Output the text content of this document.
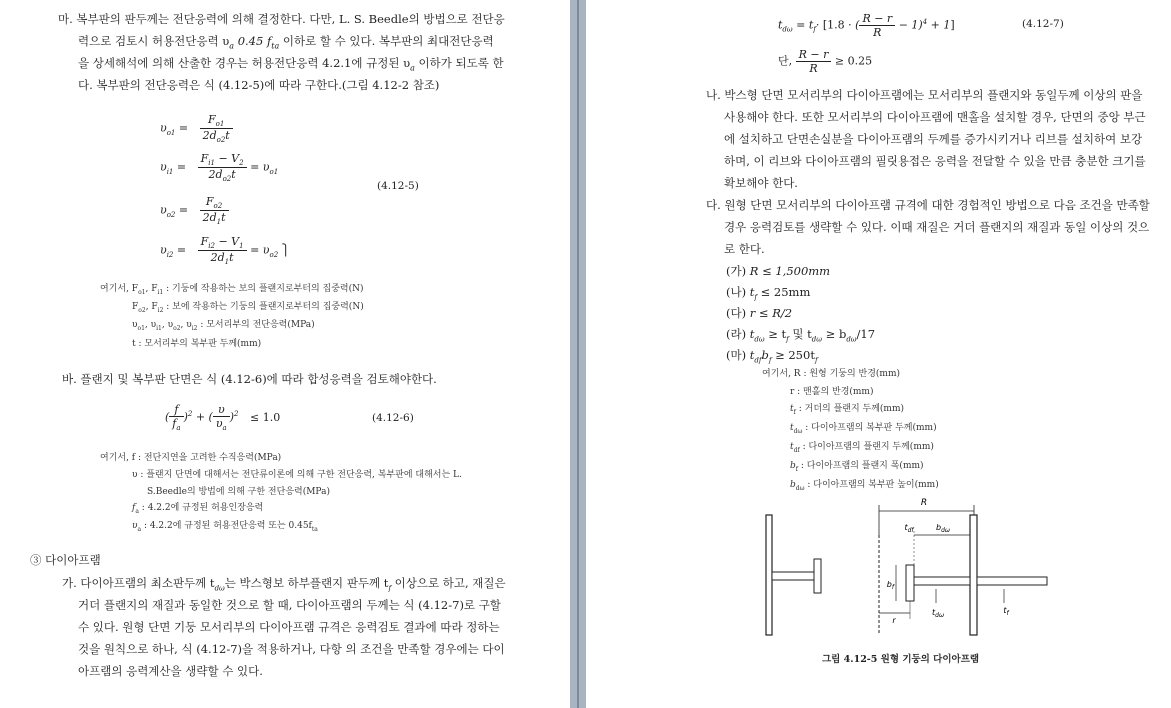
마. 복부판의 판두께는 전단응력에 의해 결정한다. 다만, L. S. Beedle의 방법으로 전단응
력으로 검토시 허용전단응력 $\upsilon_a$ 0.45 $f_{ta}$ 이하로 할 수 있다. 복부판의 최대전단응력
을 상세해석에 의해 산출한 경우는 허용전단응력 4.2.1에 규정된 $\upsilon_a$ 이하가 되도록 한
다. 복부판의 전단응력은 식 (4.12-5)에 따라 구한다.(그림 4.12-2 참조)
$\upsilon_{o1} = \frac{F_{o1}}{2d_{o2}t}$
$\upsilon_{i1} = \frac{F_{i1} - V_2}{2d_{o2}t} = \upsilon_{o1}$
$\upsilon_{o2} = \frac{F_{o2}}{2d_1t}$
$\upsilon_{i2} = \frac{F_{i2} - V_1}{2d_1t} = \upsilon_{o2}$ ⎫
(4.12-5)
여기서, $F_{o1}$, $F_{i1}$ : 기둥에 작용하는 보의 플랜지로부터의 집중력(N)
$F_{o2}$, $F_{i2}$ : 보에 작용하는 기둥의 플랜지로부터의 집중력(N)
$\upsilon_{o1}$, $\upsilon_{i1}$, $\upsilon_{o2}$, $\upsilon_{i2}$ : 모서리부의 전단응력(MPa)
t : 모서리부의 복부판 두께(mm)
바. 플랜지 및 복부판 단면은 식 (4.12-6)에 따라 합성응력을 검토해야한다.
( $\frac{f}{f_a} )^2$ + ( $\frac{\upsilon}{\upsilon_a} )^2 \le 1.0$	(4.12-6)
여기서, f : 전단지연을 고려한 수직응력(MPa)
υ : 플랜지 단면에 대해서는 전단류이론에 의해 구한 전단응력, 복부판에 대해서는 L.
S.Beedle의 방법에 의해 구한 전단응력(MPa)
$f_a$ : 4.2.2에 규정된 허용인장응력
$\upsilon_a$ : 4.2.2에 규정된 허용전단응력 또는 $0.45f_{ta}$
③ 다이아프램
가. 다이아프램의 최소판두께 $t_{d\omega}$는 박스형보 하부플랜지 판두께 $t_f$ 이상으로 하고, 재질은
거더 플랜지의 재질과 동일한 것으로 할 때, 다이아프램의 두께는 식 (4.12-7)로 구할
수 있다. 원형 단면 기둥 모서리부의 다이아프램 규격은 응력검토 결과에 따라 정하는
것을 원칙으로 하나, 식 (4.12-7)을 적용하거나, 다항 의 조건을 만족할 경우에는 다이
아프램의 응력계산을 생략할 수 있다.
$t_{d\omega} = t_f\cdot [1.8$ · ( $\frac{R - r}{R} - 1)^4 + 1$]	(4.12-7)
단, $\frac{R - r}{R} \ge 0.25$
나. 박스형 단면 모서리부의 다이아프램에는 모서리부의 플랜지와 동일두께 이상의 판을
사용해야 한다. 또한 모서리부의 다이아프램에 맨홀을 설치할 경우, 단면의 중앙 부근
에 설치하고 단면손실분을 다이아프램의 두께를 증가시키거나 리브를 설치하여 보강
하며, 이 리브와 다이아프램의 필릿용접은 응력을 전달할 수 있을 만큼 충분한 크기를
확보해야 한다.
다. 원형 단면 모서리부의 다이아프램 규격에 대한 경험적인 방법으로 다음 조건을 만족할
경우 응력검토를 생략할 수 있다. 이때 재질은 거더 플랜지의 재질과 동일 이상의 것으
로 한다.
(가) R ≤ 1,500mm
(나) $t_f \le 25mm$
(다) r ≤ R/2
(라) $t_{d\omega} \ge t_f$ 및 $t_{d\omega} \ge b_{d\omega}/17$
(마) $t_{df}b_f \ge 250t_f$
여기서, R : 원형 기둥의 반경(mm)
r : 맨홀의 반경(mm)
$t_f$ : 거더의 플랜지 두께(mm)
$t_{d\omega}$ : 다이아프램의 복부판 두께(mm)
$t_{df}$ : 다이아프램의 플랜지 두께(mm)
$b_f$ : 다이아프램의 플랜지 폭(mm)
$b_{d\omega}$ : 다이아프램의 복부판 높이(mm)
R
$b_{d\omega}$
$t_{df}$
$b_f$
r
$t_{d\omega}$
$t_f$
그림 4.12-5 원형 기둥의 다이아프램
